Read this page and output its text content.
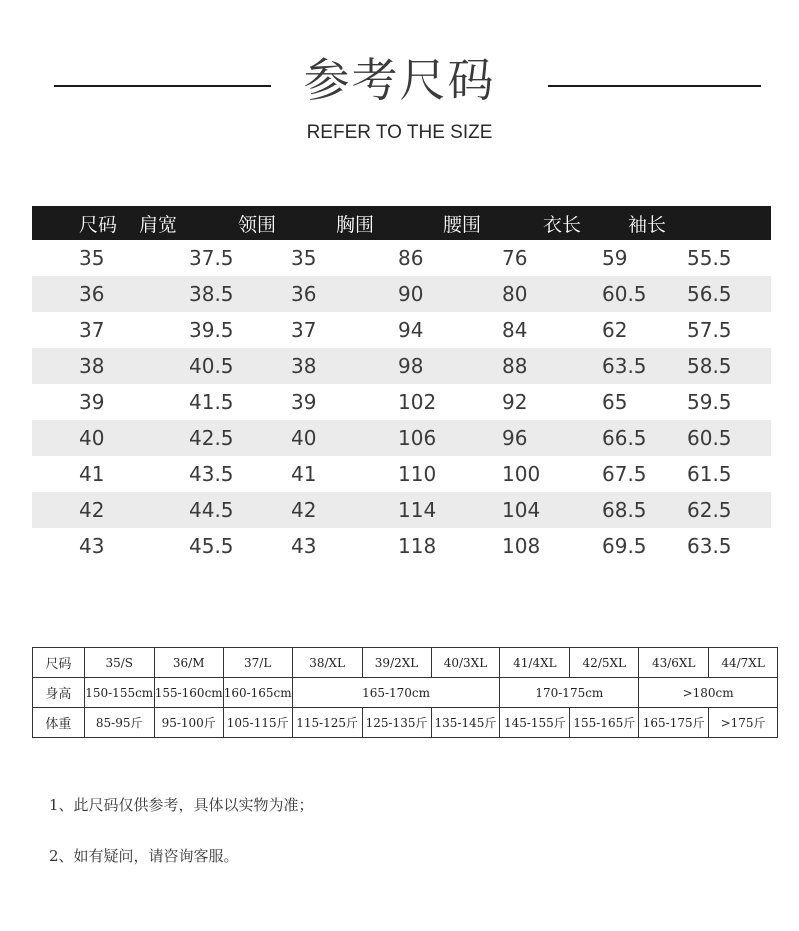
参考尺码
REFER TO THE SIZE
尺码	肩宽	领围	胸围	腰围	衣长	袖长
35	37.5	35	86	76	59	55.5
36	38.5	36	90	80	60.5	56.5
37	39.5	37	94	84	62	57.5
38	40.5	38	98	88	63.5	58.5
39	41.5	39	102	92	65	59.5
40	42.5	40	106	96	66.5	60.5
41	43.5	41	110	100	67.5	61.5
42	44.5	42	114	104	68.5	62.5
43	45.5	43	118	108	69.5	63.5
尺码	35/S	36/M	37/L	38/XL	39/2XL	40/3XL	41/4XL	42/5XL	43/6XL	44/7XL
身高	150-155cm	155-160cm	160-165cm	165-170cm			170-175cm		>180cm	
体重	85-95斤	95-100斤	105-115斤	115-125斤	125-135斤	135-145斤	145-155斤	155-165斤	165-175斤	>175斤
1、此尺码仅供参考，具体以实物为准；
2、如有疑问，请咨询客服。
